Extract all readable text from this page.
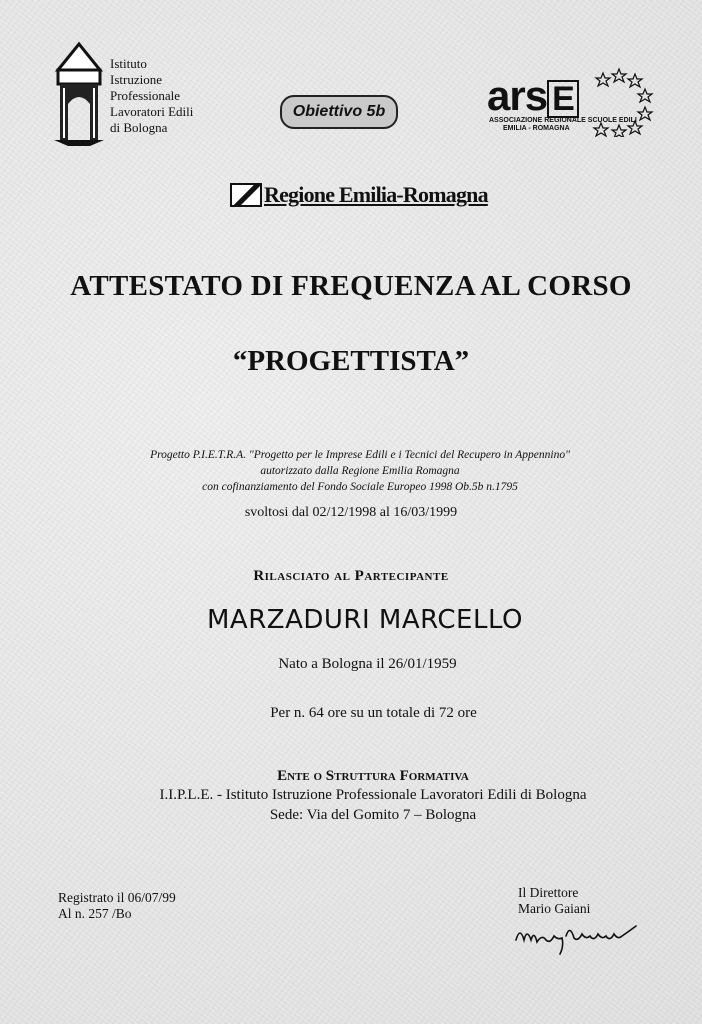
Istituto
Istruzione
Professionale
Lavoratori Edili
di Bologna
Obiettivo 5b ars E
ASSOCIAZIONE REGIONALE SCUOLE EDILI
EMILIA - ROMAGNA
Regione Emilia-Romagna
ATTESTATO DI FREQUENZA AL CORSO
“PROGETTISTA”
Progetto P.I.E.T.R.A. "Progetto per le Imprese Edili e i Tecnici del Recupero in Appennino"
autorizzato dalla Regione Emilia Romagna
con cofinanziamento del Fondo Sociale Europeo 1998 Ob.5b n.1795
svoltosi dal 02/12/1998 al 16/03/1999
Rilasciato al Partecipante
MARZADURI MARCELLO
Nato a Bologna il 26/01/1959
Per n. 64 ore su un totale di 72 ore
Ente o Struttura Formativa
I.I.P.L.E. - Istituto Istruzione Professionale Lavoratori Edili di Bologna
Sede: Via del Gomito 7 – Bologna
Registrato il 06/07/99
Al n. 257 /Bo
Il Direttore
Mario Gaiani
